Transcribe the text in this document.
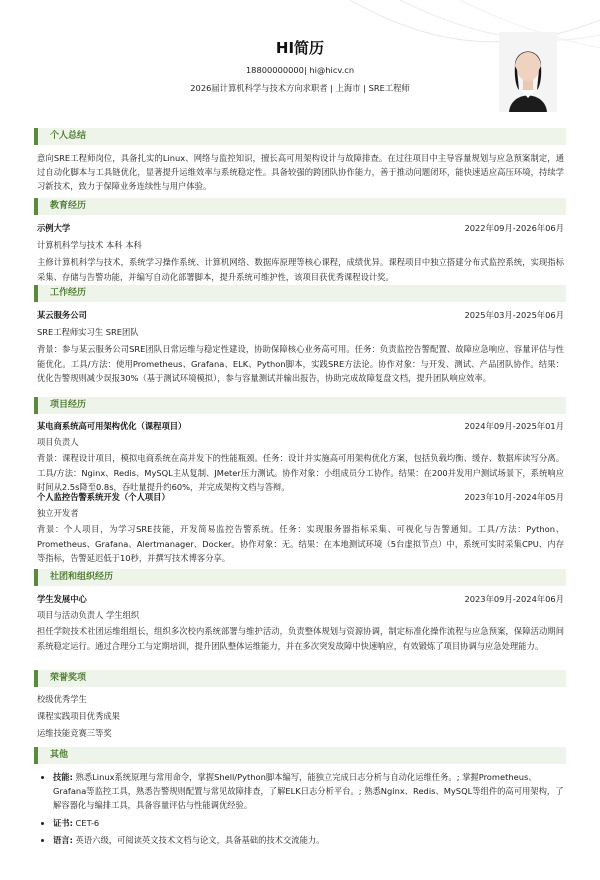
HI简历
18800000000| hi@hicv.cn
2026届计算机科学与技术方向求职者 | 上海市 | SRE工程师
个人总结

意向SRE工程师岗位，具备扎实的Linux、网络与监控知识，擅长高可用架构设计与故障排查。在过往项目中主导容量规划与应急预案制定，通过自动化脚本与工具链优化，显著提升运维效率与系统稳定性。具备较强的跨团队协作能力，善于推动问题闭环，能快速适应高压环境，持续学习新技术，致力于保障业务连续性与用户体验。

教育经历
示例大学	2022年09月-2026年06月
计算机科学与技术 本科 本科

主修计算机科学与技术，系统学习操作系统、计算机网络、数据库原理等核心课程，成绩优异。课程项目中独立搭建分布式监控系统，实现指标采集、存储与告警功能，并编写自动化部署脚本，提升系统可维护性，该项目获优秀课程设计奖。

工作经历
某云服务公司	2025年03月-2025年06月
SRE工程师实习生 SRE团队

背景：参与某云服务公司SRE团队日常运维与稳定性建设，协助保障核心业务高可用。任务：负责监控告警配置、故障应急响应、容量评估与性能优化。工具/方法：使用Prometheus、Grafana、ELK、Python脚本，实践SRE方法论。协作对象：与开发、测试、产品团队协作。结果：优化告警规则减少误报30%（基于测试环境模拟），参与容量测试并输出报告，协助完成故障复盘文档，提升团队响应效率。

项目经历
某电商系统高可用架构优化（课程项目）	2024年09月-2025年01月
项目负责人

背景：课程设计项目，模拟电商系统在高并发下的性能瓶颈。任务：设计并实施高可用架构优化方案，包括负载均衡、缓存、数据库读写分离。工具/方法：Nginx、Redis、MySQL主从复制、JMeter压力测试。协作对象：小组成员分工协作。结果：在200并发用户测试场景下，系统响应时间从2.5s降至0.8s，吞吐量提升约60%，并完成架构文档与答辩。

个人监控告警系统开发（个人项目）	2023年10月-2024年05月
独立开发者

背景：个人项目，为学习SRE技能，开发简易监控告警系统。任务：实现服务器指标采集、可视化与告警通知。工具/方法：Python、Prometheus、Grafana、Alertmanager、Docker。协作对象：无。结果：在本地测试环境（5台虚拟节点）中，系统可实时采集CPU、内存等指标，告警延迟低于10秒，并撰写技术博客分享。

社团和组织经历
学生发展中心	2023年09月-2024年06月
项目与活动负责人 学生组织

担任学院技术社团运维组组长，组织多次校内系统部署与维护活动，负责整体规划与资源协调，制定标准化操作流程与应急预案，保障活动期间系统稳定运行。通过合理分工与定期培训，提升团队整体运维能力，并在多次突发故障中快速响应，有效锻炼了项目协调与应急处理能力。

荣誉奖项
校级优秀学生
课程实践项目优秀成果
运维技能竞赛三等奖
其他
• 技能: 熟悉Linux系统原理与常用命令，掌握Shell/Python脚本编写，能独立完成日志分析与自动化运维任务。; 掌握Prometheus、Grafana等监控工具，熟悉告警规则配置与常见故障排查，了解ELK日志分析平台。; 熟悉Nginx、Redis、MySQL等组件的高可用架构，了解容器化与编排工具，具备容量评估与性能调优经验。
• 证书: CET-6
• 语言: 英语六级，可阅读英文技术文档与论文，具备基础的技术交流能力。
